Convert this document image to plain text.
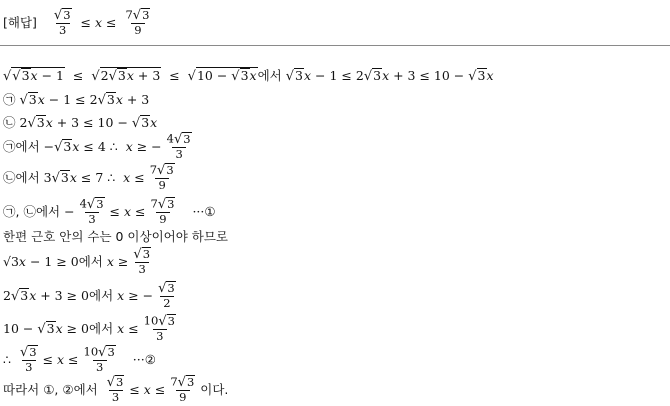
[해답] $\frac{√ 3}{3} \le x \le \frac{7 √ 3}{9}$
√ √ 3 x − 1 ≤ √ 2 √ 3 x + 3 ≤ √ 10 − √ 3 x 에서
√ 3 x − 1 ≤ 2 √ 3 x + 3 ≤ 10 − √ 3 x
㉠
√ 3 x − 1 ≤ 2 √ 3 x + 3
㉡ 2 √ 3 x + 3 ≤ 10 − √ 3 x
㉠ 에서 − √ 3 x ≤ 4 ∴  x ≥ − $\frac{4 √ 3}{3}$
㉡ 에서 3 √ 3 x ≤ 7 ∴  $x \le \frac{7 √ 3}{9}$
㉠, ㉡ 에서 − $\frac{4 √ 3}{3} \le x \le \frac{7 √ 3}{9}$ ···①
한편 근호 안의 수는 0 이상이어야 하므로
√3x − 1 ≥ 0 에서 $x \ge \frac{√ 3}{3}$
2 √ 3 x + 3 ≥ 0 에서 x ≥ − $\frac{√ 3}{2}$
10 − √ 3 x ≥ 0 에서 $x \le \frac{10 √ 3}{3}$
∴ $\frac{√ 3}{3} \le x \le \frac{10 √ 3}{3}$ ···②
따라서
①, ② 에서
$\frac{√ 3}{3} \le x \le \frac{7 √ 3}{9}$ 이다.
